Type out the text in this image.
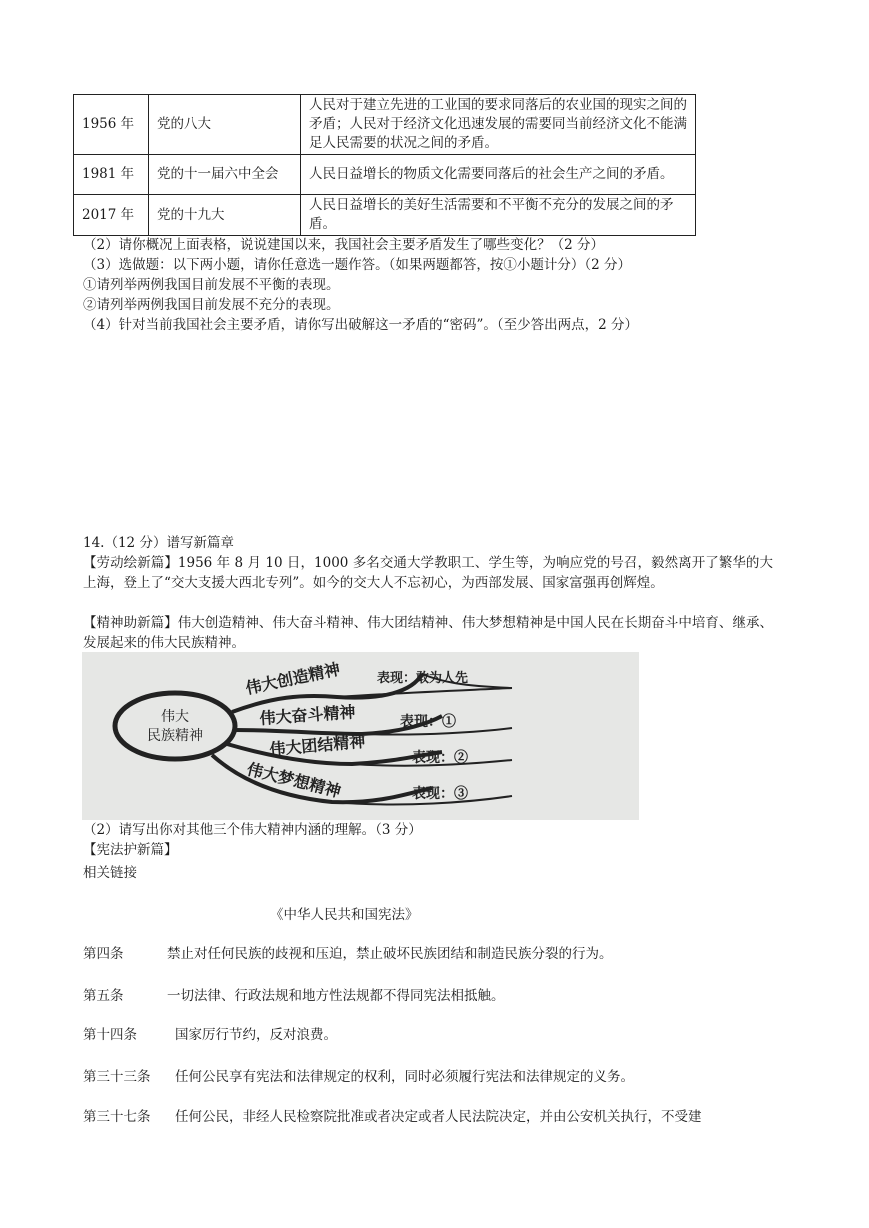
1956 年	党的八大	人民对于建立先进的工业国的要求同落后的农业国的现实之间的矛盾；人民对于经济文化迅速发展的需要同当前经济文化不能满足人民需要的状况之间的矛盾。
1981 年	党的十一届六中全会	人民日益增长的物质文化需要同落后的社会生产之间的矛盾。
2017 年	党的十九大	人民日益增长的美好生活需要和不平衡不充分的发展之间的矛盾。
（2）请你概况上面表格，说说建国以来，我国社会主要矛盾发生了哪些变化？（2 分）
（3）选做题：以下两小题，请你任意选一题作答。（如果两题都答，按①小题计分）（2 分）
①请列举两例我国目前发展不平衡的表现。
②请列举两例我国目前发展不充分的表现。
（4）针对当前我国社会主要矛盾，请你写出破解这一矛盾的“密码”。（至少答出两点，2 分）
14.（12 分）谱写新篇章
【劳动绘新篇】1956 年 8 月 10 日，1000 多名交通大学教职工、学生等，为响应党的号召，毅然离开了繁华的大上海，登上了“交大支援大西北专列”。如今的交大人不忘初心，为西部发展、国家富强再创辉煌。
【精神助新篇】伟大创造精神、伟大奋斗精神、伟大团结精神、伟大梦想精神是中国人民在长期奋斗中培育、继承、发展起来的伟大民族精神。
伟大
民族精神
伟大创造精神	表现：敢为人先
伟大奋斗精神	表现：①
伟大团结精神	表现：②
伟大梦想精神	表现：③
（2）请写出你对其他三个伟大精神内涵的理解。（3 分）
【宪法护新篇】
相关链接
《中华人民共和国宪法》
第四条	禁止对任何民族的歧视和压迫，禁止破坏民族团结和制造民族分裂的行为。
第五条	一切法律、行政法规和地方性法规都不得同宪法相抵触。
第十四条	国家厉行节约，反对浪费。
第三十三条 任何公民享有宪法和法律规定的权利，同时必须履行宪法和法律规定的义务。
第三十七条 任何公民，非经人民检察院批准或者决定或者人民法院决定，并由公安机关执行，不受建
